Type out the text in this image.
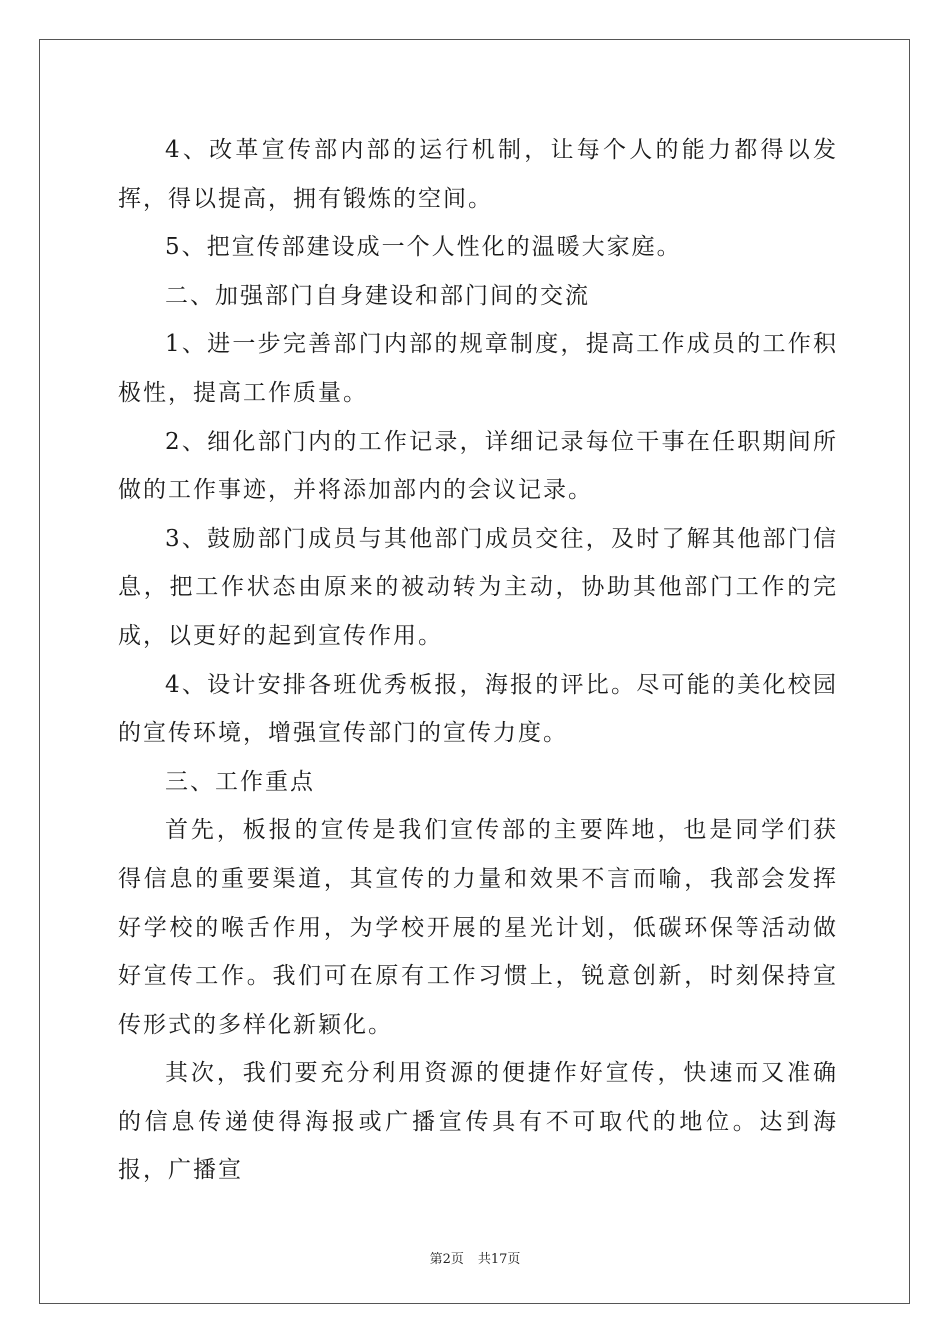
4、改革宣传部内部的运行机制，让每个人的能力都得以发挥，得以提高，拥有锻炼的空间。

5、把宣传部建设成一个人性化的温暖大家庭。

二、加强部门自身建设和部门间的交流

1、进一步完善部门内部的规章制度，提高工作成员的工作积极性，提高工作质量。

2、细化部门内的工作记录，详细记录每位干事在任职期间所做的工作事迹，并将添加部内的会议记录。

3、鼓励部门成员与其他部门成员交往，及时了解其他部门信息，把工作状态由原来的被动转为主动，协助其他部门工作的完成，以更好的起到宣传作用。

4、设计安排各班优秀板报，海报的评比。尽可能的美化校园的宣传环境，增强宣传部门的宣传力度。

三、工作重点

首先，板报的宣传是我们宣传部的主要阵地，也是同学们获得信息的重要渠道，其宣传的力量和效果不言而喻，我部会发挥好学校的喉舌作用，为学校开展的星光计划，低碳环保等活动做好宣传工作。我们可在原有工作习惯上，锐意创新，时刻保持宣传形式的多样化新颖化。

其次，我们要充分利用资源的便捷作好宣传，快速而又准确的信息传递使得海报或广播宣传具有不可取代的地位。达到海报，广播宣

第2页 共17页
